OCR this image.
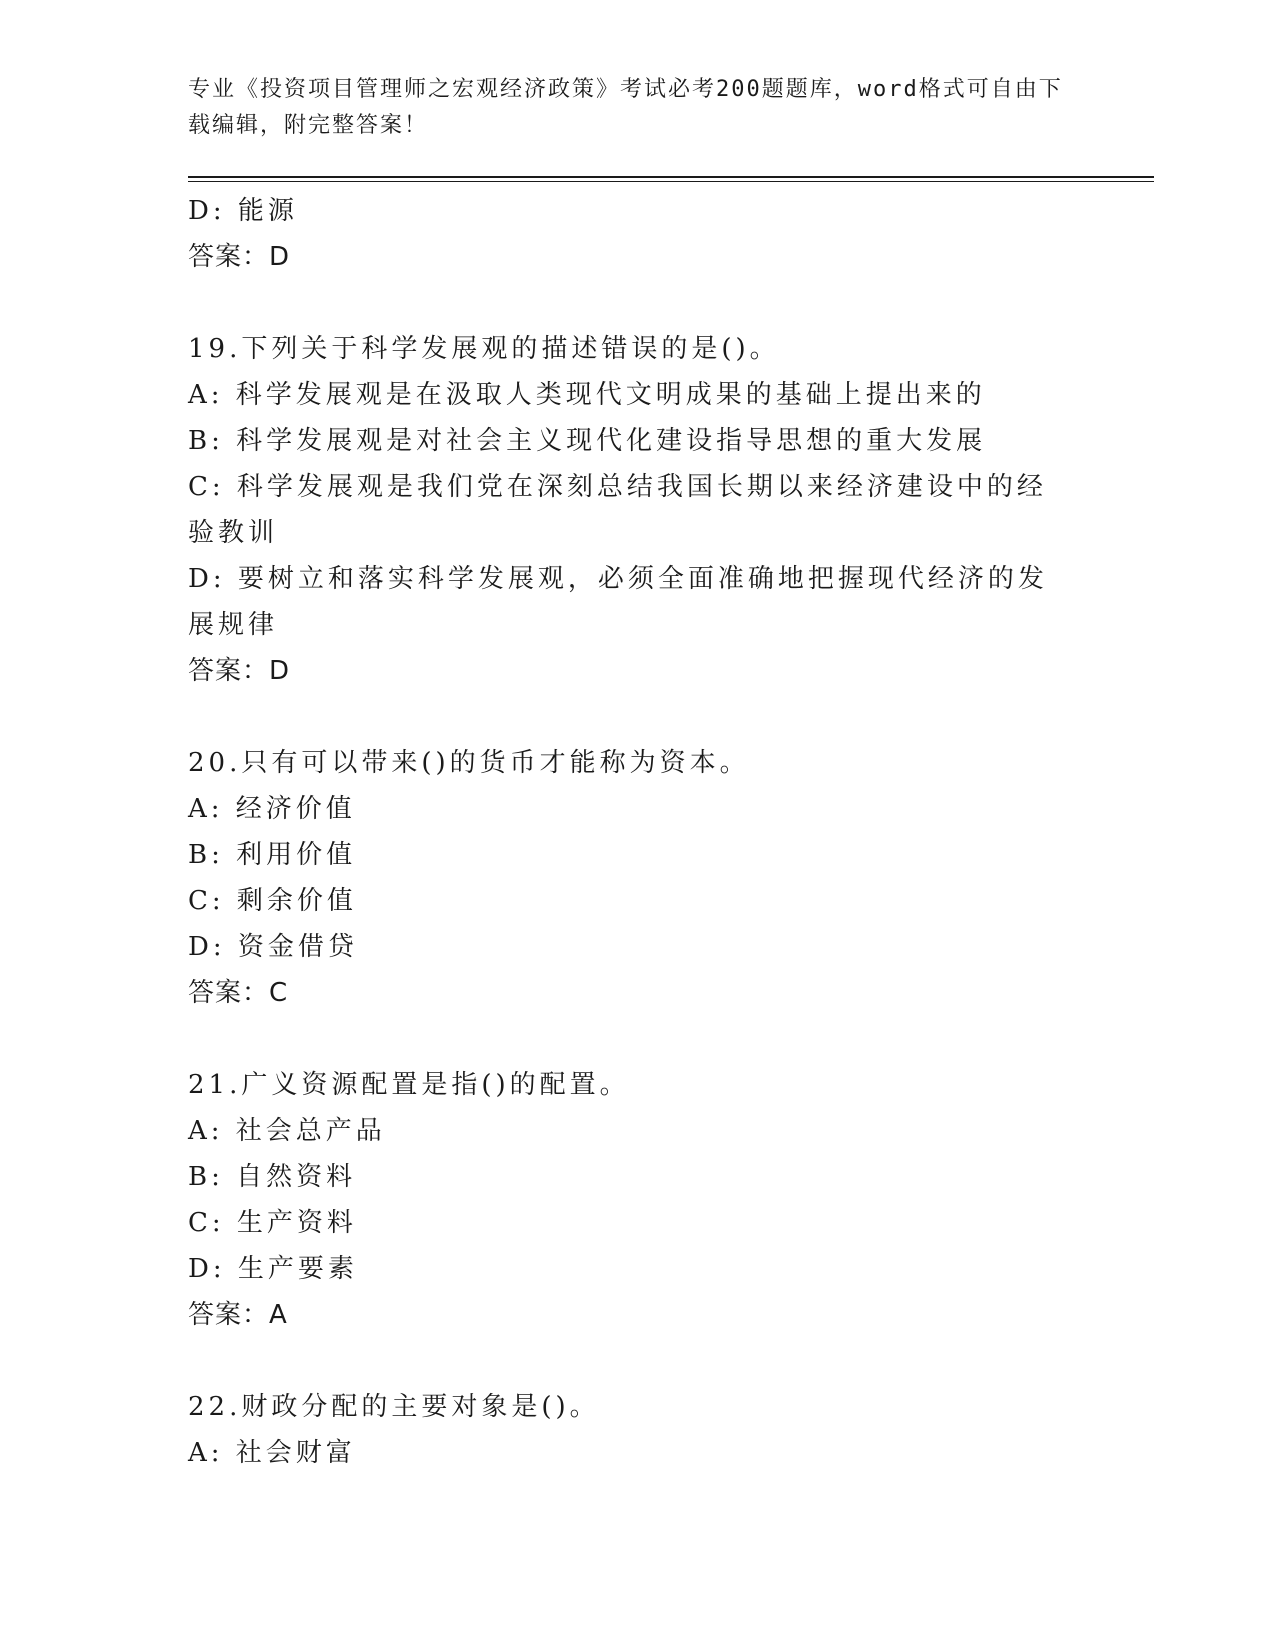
专业《投资项目管理师之宏观经济政策》考试必考200题题库，word格式可自由下载编辑，附完整答案！
D: 能源
答案：D
19.下列关于科学发展观的描述错误的是()。
A: 科学发展观是在汲取人类现代文明成果的基础上提出来的
B: 科学发展观是对社会主义现代化建设指导思想的重大发展
C: 科学发展观是我们党在深刻总结我国长期以来经济建设中的经验教训
D: 要树立和落实科学发展观，必须全面准确地把握现代经济的发展规律
答案：D
20.只有可以带来()的货币才能称为资本。
A: 经济价值
B: 利用价值
C: 剩余价值
D: 资金借贷
答案：C
21.广义资源配置是指()的配置。
A: 社会总产品
B: 自然资料
C: 生产资料
D: 生产要素
答案：A
22.财政分配的主要对象是()。
A: 社会财富
